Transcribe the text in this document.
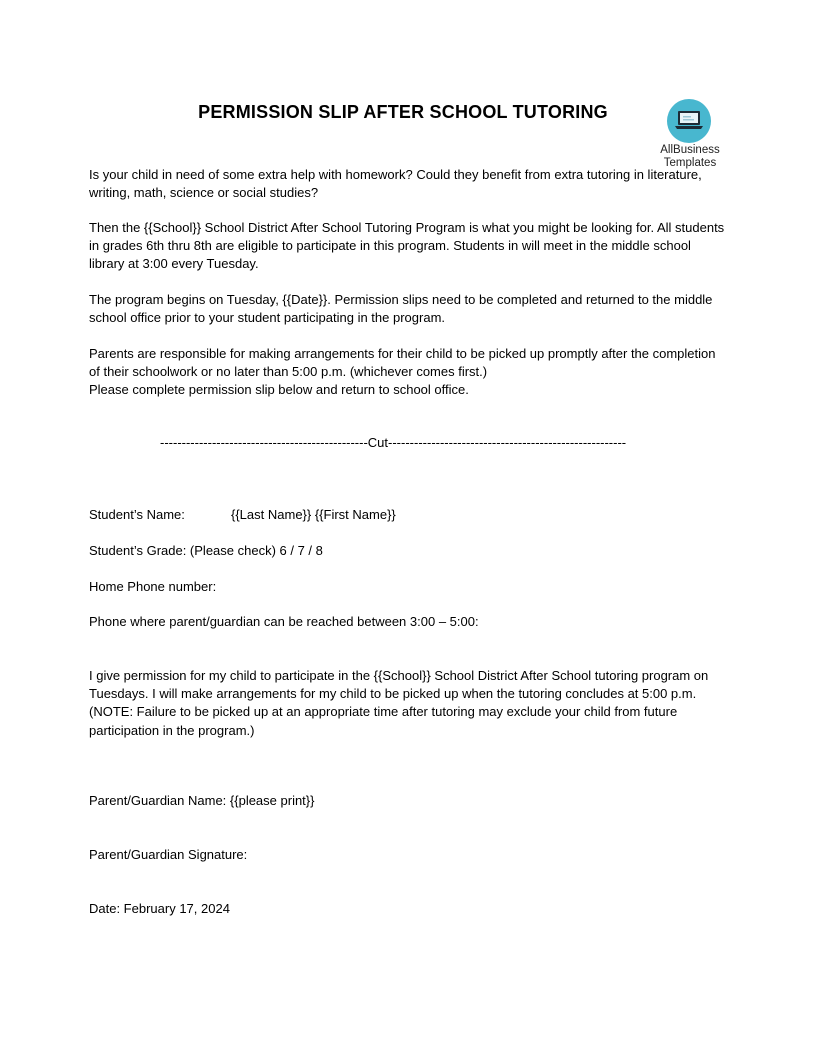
PERMISSION SLIP AFTER SCHOOL TUTORING
AllBusiness
Templates
Is your child in need of some extra help with homework? Could they benefit from extra tutoring in literature, writing, math, science or social studies?
Then the {{School}} School District After School Tutoring Program is what you might be looking for. All students in grades 6th thru 8th are eligible to participate in this program. Students in will meet in the middle school library at 3:00 every Tuesday.
The program begins on Tuesday, {{Date}}. Permission slips need to be completed and returned to the middle school office prior to your student participating in the program.
Parents are responsible for making arrangements for their child to be picked up promptly after the completion of their schoolwork or no later than 5:00 p.m. (whichever comes first.)
Please complete permission slip below and return to school office.
------------------------------------------------Cut-------------------------------------------------------
Student’s Name:	{{Last Name}} {{First Name}}
Student’s Grade: (Please check) 6 / 7 / 8
Home Phone number:
Phone where parent/guardian can be reached between 3:00 – 5:00:
I give permission for my child to participate in the {{School}} School District After School tutoring program on Tuesdays. I will make arrangements for my child to be picked up when the tutoring concludes at 5:00 p.m. (NOTE: Failure to be picked up at an appropriate time after tutoring may exclude your child from future participation in the program.)
Parent/Guardian Name: {{please print}}
Parent/Guardian Signature:
Date: February 17, 2024
